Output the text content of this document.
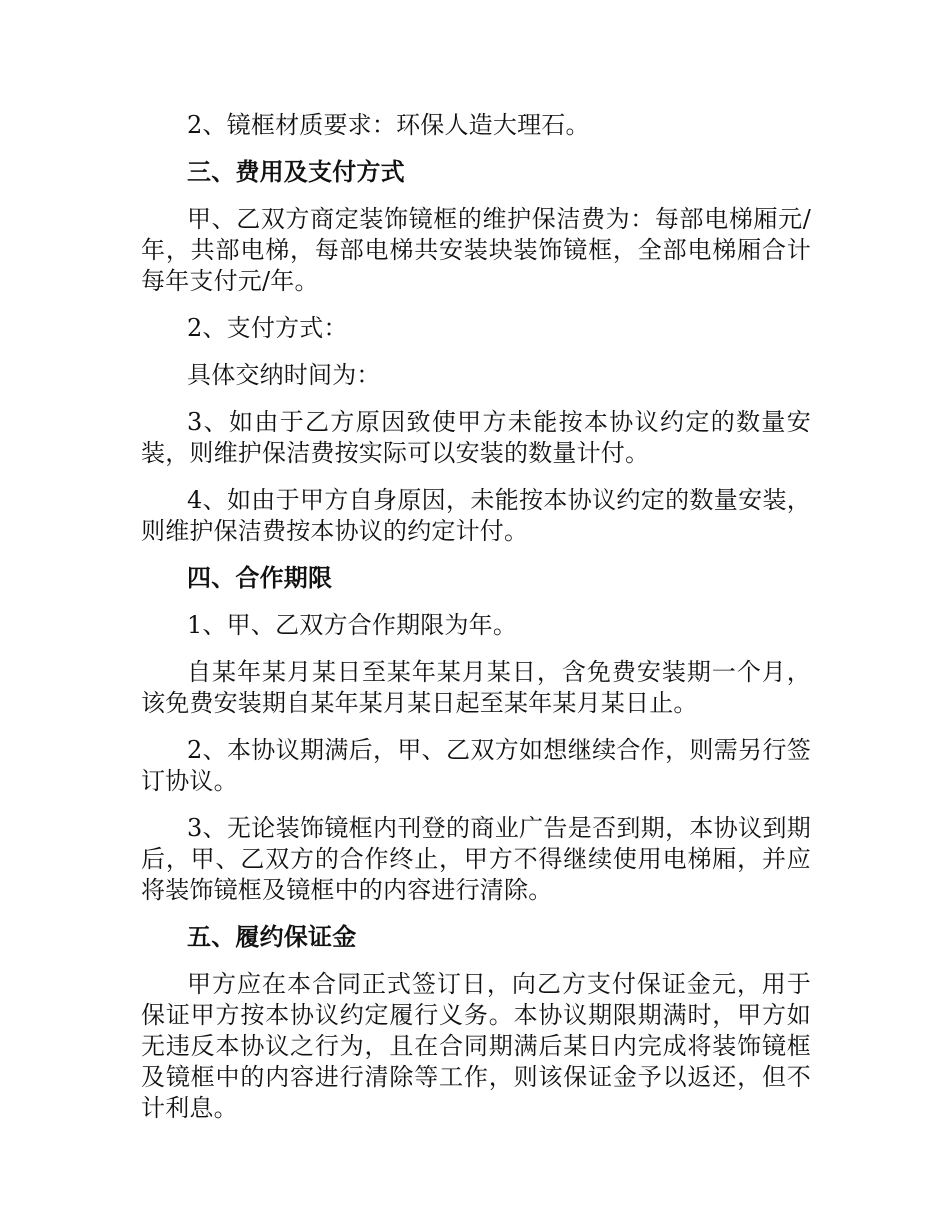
2、镜框材质要求：环保人造大理石。

三、费用及支付方式

甲、乙双方商定装饰镜框的维护保洁费为：每部电梯厢元/年，共部电梯，每部电梯共安装块装饰镜框，全部电梯厢合计每年支付元/年。

2、支付方式：

具体交纳时间为：

3、如由于乙方原因致使甲方未能按本协议约定的数量安装，则维护保洁费按实际可以安装的数量计付。

4、如由于甲方自身原因，未能按本协议约定的数量安装，则维护保洁费按本协议的约定计付。

四、合作期限

1、甲、乙双方合作期限为年。

自某年某月某日至某年某月某日，含免费安装期一个月，该免费安装期自某年某月某日起至某年某月某日止。

2、本协议期满后，甲、乙双方如想继续合作，则需另行签订协议。

3、无论装饰镜框内刊登的商业广告是否到期，本协议到期后，甲、乙双方的合作终止，甲方不得继续使用电梯厢，并应将装饰镜框及镜框中的内容进行清除。

五、履约保证金

甲方应在本合同正式签订日，向乙方支付保证金元，用于保证甲方按本协议约定履行义务。本协议期限期满时，甲方如无违反本协议之行为，且在合同期满后某日内完成将装饰镜框及镜框中的内容进行清除等工作，则该保证金予以返还，但不计利息。
